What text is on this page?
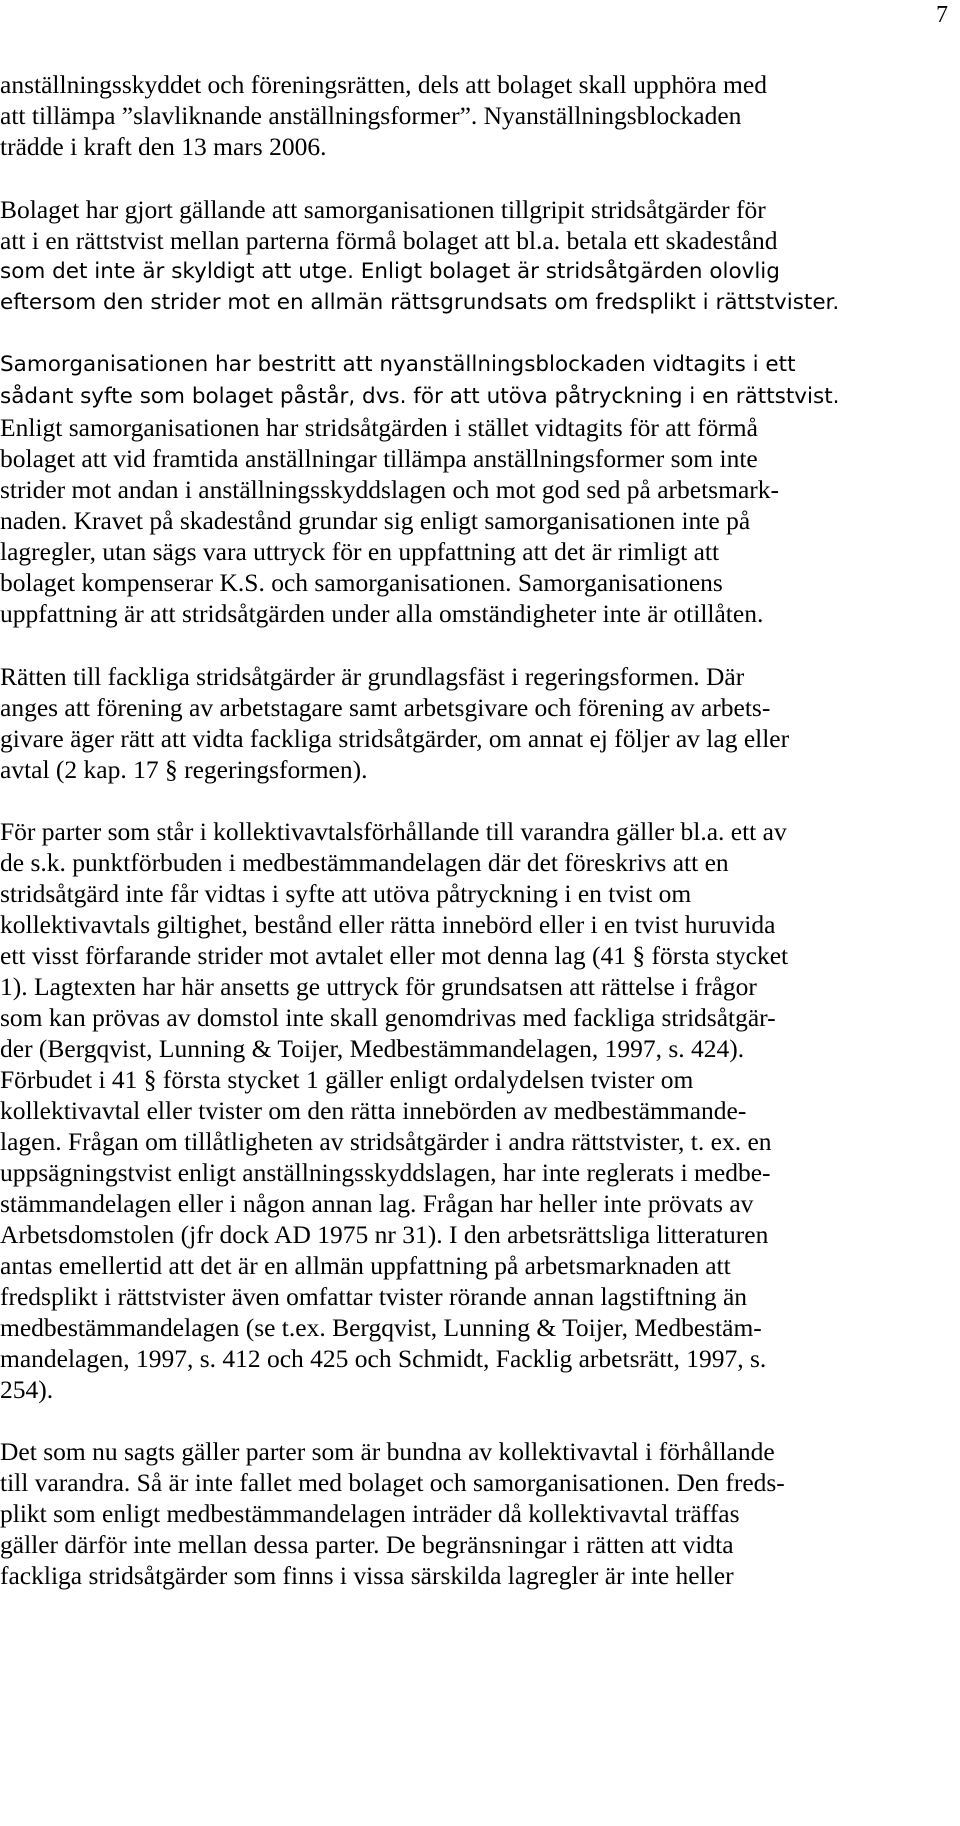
7
anställningsskyddet och föreningsrätten, dels att bolaget skall upphöra med
att tillämpa ”slavliknande anställningsformer”. Nyanställningsblockaden
trädde i kraft den 13 mars 2006.
Bolaget har gjort gällande att samorganisationen tillgripit stridsåtgärder för
att i en rättstvist mellan parterna förmå bolaget att bl.a. betala ett skadestånd
som det inte är skyldigt att utge. Enligt bolaget är stridsåtgärden olovlig
eftersom den strider mot en allmän rättsgrundsats om fredsplikt i rättstvister.
Samorganisationen har bestritt att nyanställningsblockaden vidtagits i ett
sådant syfte som bolaget påstår, dvs. för att utöva påtryckning i en rättstvist.
Enligt samorganisationen har stridsåtgärden i stället vidtagits för att förmå
bolaget att vid framtida anställningar tillämpa anställningsformer som inte
strider mot andan i anställningsskyddslagen och mot god sed på arbetsmark-
naden. Kravet på skadestånd grundar sig enligt samorganisationen inte på
lagregler, utan sägs vara uttryck för en uppfattning att det är rimligt att
bolaget kompenserar K.S. och samorganisationen. Samorganisationens
uppfattning är att stridsåtgärden under alla omständigheter inte är otillåten.
Rätten till fackliga stridsåtgärder är grundlagsfäst i regeringsformen. Där
anges att förening av arbetstagare samt arbetsgivare och förening av arbets-
givare äger rätt att vidta fackliga stridsåtgärder, om annat ej följer av lag eller
avtal (2 kap. 17 § regeringsformen).
För parter som står i kollektivavtalsförhållande till varandra gäller bl.a. ett av
de s.k. punktförbuden i medbestämmandelagen där det föreskrivs att en
stridsåtgärd inte får vidtas i syfte att utöva påtryckning i en tvist om
kollektivavtals giltighet, bestånd eller rätta innebörd eller i en tvist huruvida
ett visst förfarande strider mot avtalet eller mot denna lag (41 § första stycket
1). Lagtexten har här ansetts ge uttryck för grundsatsen att rättelse i frågor
som kan prövas av domstol inte skall genomdrivas med fackliga stridsåtgär-
der (Bergqvist, Lunning & Toijer, Medbestämmandelagen, 1997, s. 424).
Förbudet i 41 § första stycket 1 gäller enligt ordalydelsen tvister om
kollektivavtal eller tvister om den rätta innebörden av medbestämmande-
lagen. Frågan om tillåtligheten av stridsåtgärder i andra rättstvister, t. ex. en
uppsägningstvist enligt anställningsskyddslagen, har inte reglerats i medbe-
stämmandelagen eller i någon annan lag. Frågan har heller inte prövats av
Arbetsdomstolen (jfr dock AD 1975 nr 31). I den arbetsrättsliga litteraturen
antas emellertid att det är en allmän uppfattning på arbetsmarknaden att
fredsplikt i rättstvister även omfattar tvister rörande annan lagstiftning än
medbestämmandelagen (se t.ex. Bergqvist, Lunning & Toijer, Medbestäm-
mandelagen, 1997, s. 412 och 425 och Schmidt, Facklig arbetsrätt, 1997, s.
254).
Det som nu sagts gäller parter som är bundna av kollektivavtal i förhållande
till varandra. Så är inte fallet med bolaget och samorganisationen. Den freds-
plikt som enligt medbestämmandelagen inträder då kollektivavtal träffas
gäller därför inte mellan dessa parter. De begränsningar i rätten att vidta
fackliga stridsåtgärder som finns i vissa särskilda lagregler är inte heller
